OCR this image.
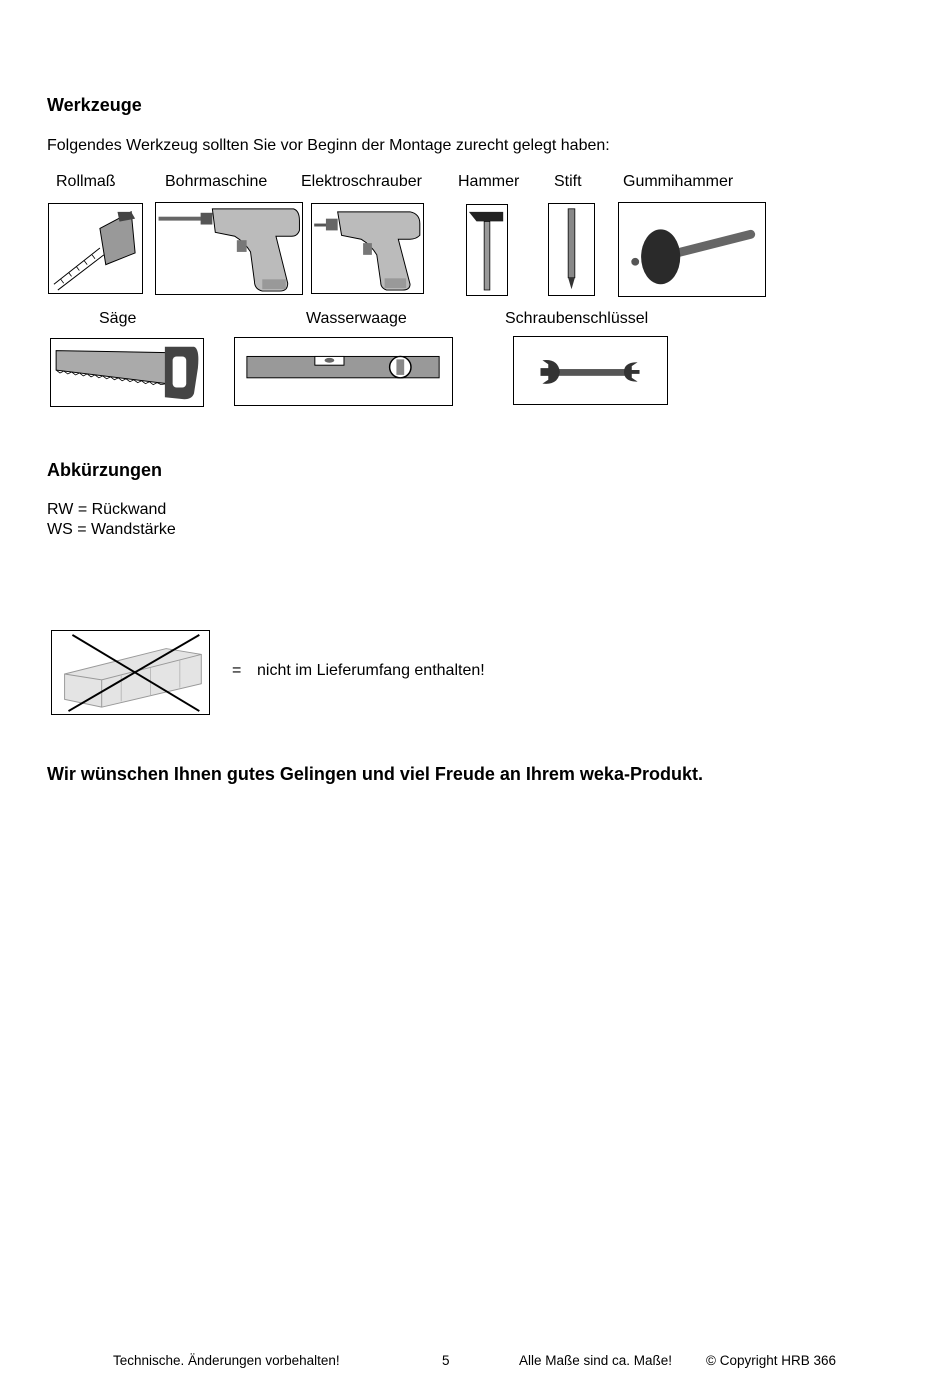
Werkzeuge
Folgendes Werkzeug sollten Sie vor Beginn der Montage zurecht gelegt haben:
Rollmaß	Bohrmaschine Elektroschrauber Hammer Stift	Gummihammer
Säge	Wasserwaage	Schraubenschlüssel
Abkürzungen
RW = Rückwand
WS = Wandstärke
= nicht im Lieferumfang enthalten!
Wir wünschen Ihnen gutes Gelingen und viel Freude an Ihrem weka-Produkt.
Technische. Änderungen vorbehalten!	5	Alle Maße sind ca. Maße!	© Copyright HRB 366
